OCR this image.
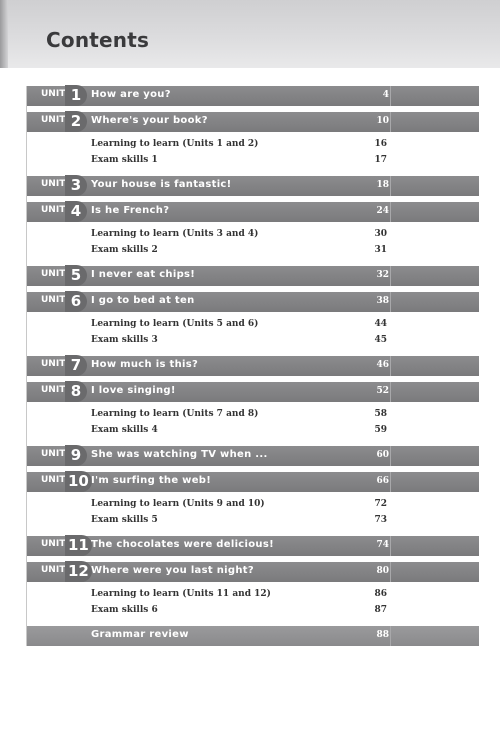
Contents
UNIT 1 How are you?	4
UNIT 2 Where's your book?	10
Learning to learn (Units 1 and 2)	16
Exam skills 1	17
UNIT 3 Your house is fantastic!	18
UNIT 4 Is he French?	24
Learning to learn (Units 3 and 4)	30
Exam skills 2	31
UNIT 5 I never eat chips!	32
UNIT 6 I go to bed at ten	38
Learning to learn (Units 5 and 6)	44
Exam skills 3	45
UNIT 7 How much is this?	46
UNIT 8 I love singing!	52
Learning to learn (Units 7 and 8)	58
Exam skills 4	59
UNIT 9 She was watching TV when ...	60
UNIT 10 I'm surfing the web!	66
Learning to learn (Units 9 and 10)	72
Exam skills 5	73
UNIT 11 The chocolates were delicious!	74
UNIT 12 Where were you last night?	80
Learning to learn (Units 11 and 12)	86
Exam skills 6	87
Grammar review	88
